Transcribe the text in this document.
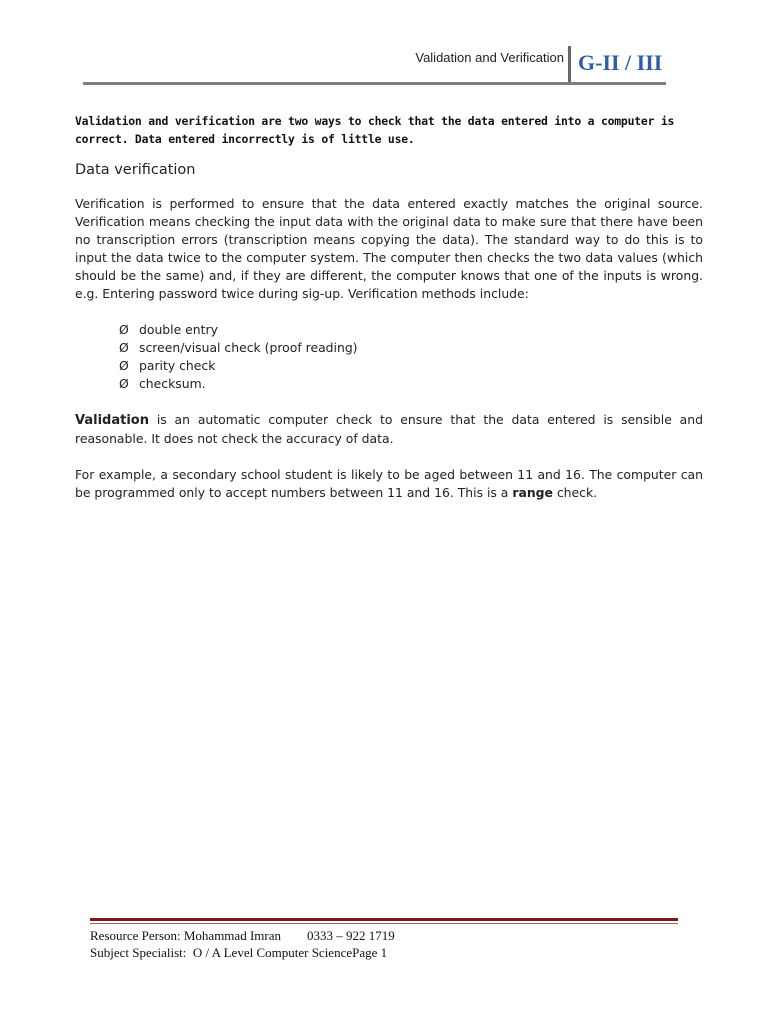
Validation and Verification G-II / III

Validation and verification are two ways to check that the data entered into a computer is correct. Data entered incorrectly is of little use.

Data verification

Verification is performed to ensure that the data entered exactly matches the original source. Verification means checking the input data with the original data to make sure that there have been no transcription errors (transcription means copying the data). The standard way to do this is to input the data twice to the computer system. The computer then checks the two data values (which should be the same) and, if they are different, the computer knows that one of the inputs is wrong. e.g. Entering password twice during sig-up. Verification methods include:

Ø double entry
Ø screen/visual check (proof reading)
Ø parity check
Ø checksum.

Validation is an automatic computer check to ensure that the data entered is sensible and reasonable. It does not check the accuracy of data.

For example, a secondary school student is likely to be aged between 11 and 16. The computer can be programmed only to accept numbers between 11 and 16. This is a range check.

Resource Person: Mohammad Imran        0333 – 922 1719
Subject Specialist:  O / A Level Computer SciencePage 1
